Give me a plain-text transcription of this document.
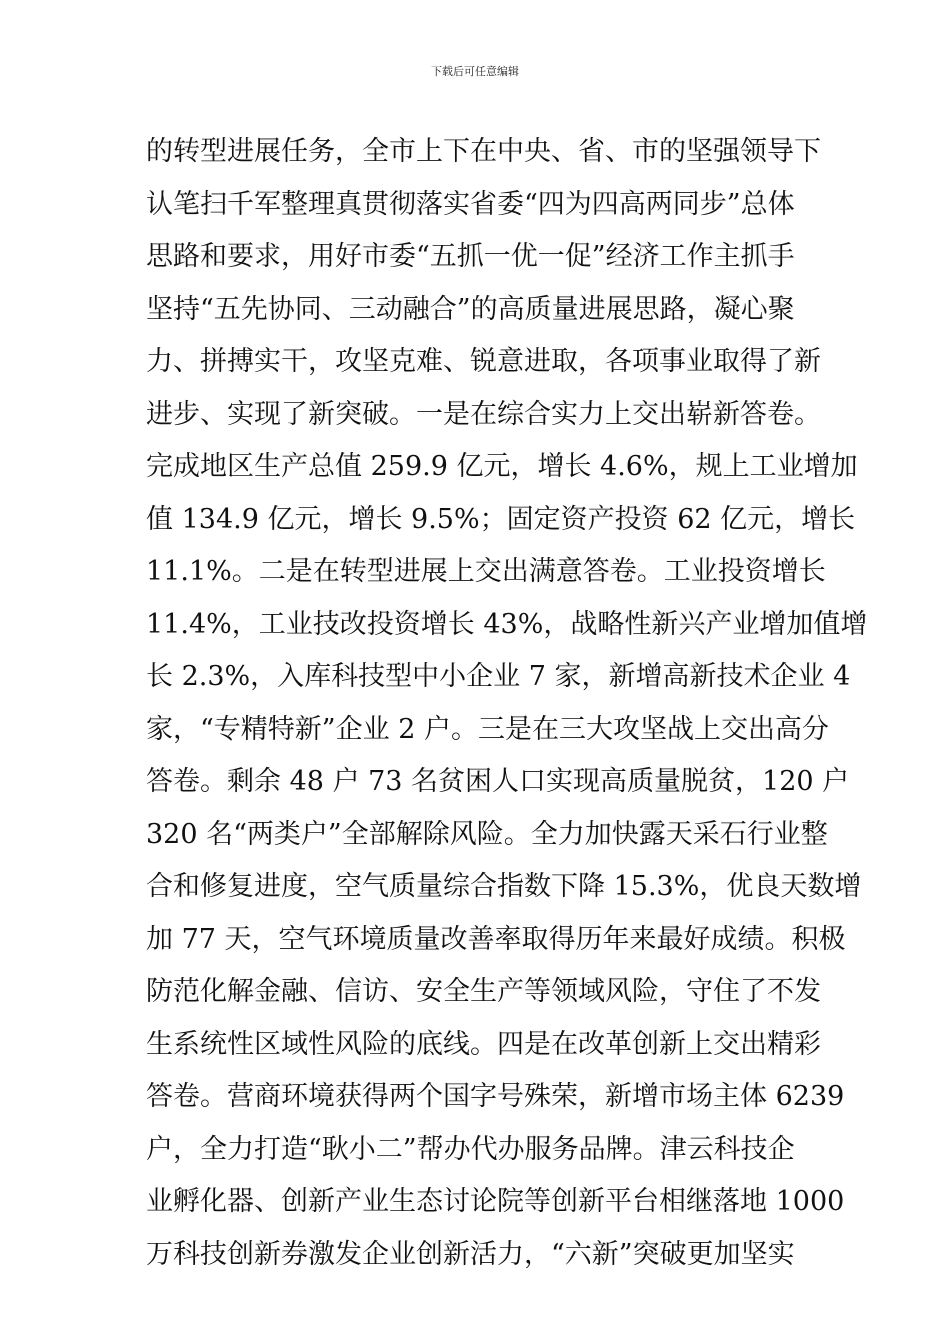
下载后可任意编辑
的转型进展任务，全市上下在中央、省、市的坚强领导下
认笔扫千军整理真贯彻落实省委“四为四高两同步”总体
思路和要求，用好市委“五抓一优一促”经济工作主抓手
坚持“五先协同、三动融合”的高质量进展思路，凝心聚
力、拼搏实干，攻坚克难、锐意进取，各项事业取得了新
进步、实现了新突破。一是在综合实力上交出崭新答卷。
完成地区生产总值 259.9 亿元，增长 4.6%，规上工业增加
值 134.9 亿元，增长 9.5%；固定资产投资 62 亿元，增长
11.1%。二是在转型进展上交出满意答卷。工业投资增长
11.4%，工业技改投资增长 43%，战略性新兴产业增加值增
长 2.3%，入库科技型中小企业 7 家，新增高新技术企业 4
家，“专精特新”企业 2 户。三是在三大攻坚战上交出高分
答卷。剩余 48 户 73 名贫困人口实现高质量脱贫，120 户
320 名“两类户”全部解除风险。全力加快露天采石行业整
合和修复进度，空气质量综合指数下降 15.3%，优良天数增
加 77 天，空气环境质量改善率取得历年来最好成绩。积极
防范化解金融、信访、安全生产等领域风险，守住了不发
生系统性区域性风险的底线。四是在改革创新上交出精彩
答卷。营商环境获得两个国字号殊荣，新增市场主体 6239
户，全力打造“耿小二”帮办代办服务品牌。津云科技企
业孵化器、创新产业生态讨论院等创新平台相继落地 1000
万科技创新券激发企业创新活力，“六新”突破更加坚实
